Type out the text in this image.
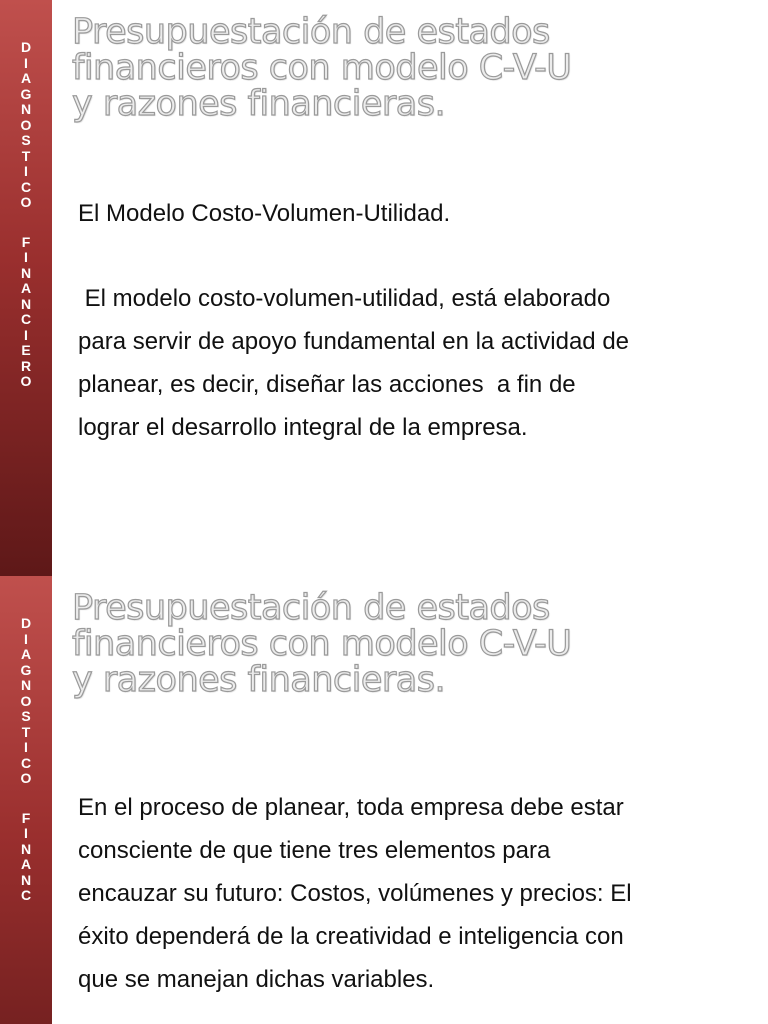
D
I
A
G
N
O
S
T
I
C
O
F
I
N
A
N
C
I
E
R
O
Presupuestación de estados
financieros con modelo C-V-U
y razones financieras.

El Modelo Costo-Volumen-Utilidad.

El modelo costo-volumen-utilidad, está elaborado
para servir de apoyo fundamental en la actividad de
planear, es decir, diseñar las acciones  a fin de
lograr el desarrollo integral de la empresa.

D
I
A
G
N
O
S
T
I
C
O
F
I
N
A
N
C
Presupuestación de estados
financieros con modelo C-V-U
y razones financieras.

En el proceso de planear, toda empresa debe estar
consciente de que tiene tres elementos para
encauzar su futuro: Costos, volúmenes y precios: El
éxito dependerá de la creatividad e inteligencia con
que se manejan dichas variables.
